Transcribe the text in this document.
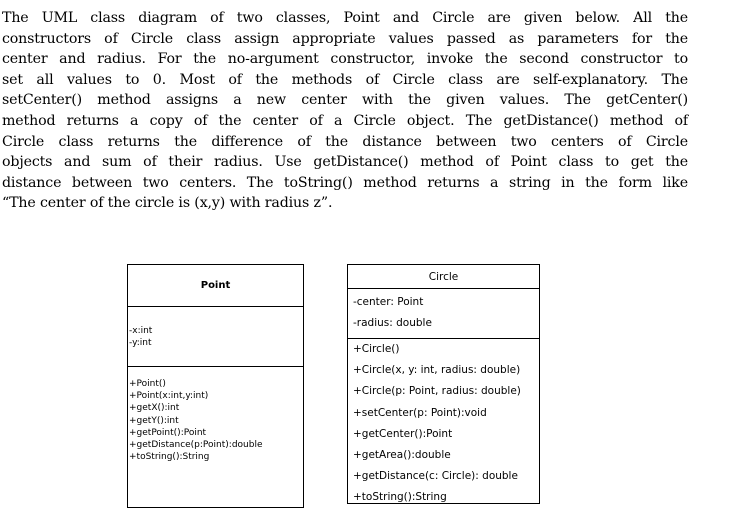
The UML class diagram of two classes, Point and Circle are given below. All the
constructors of Circle class assign appropriate values passed as parameters for the
center and radius. For the no-argument constructor, invoke the second constructor to
set all values to 0. Most of the methods of Circle class are self-explanatory. The
setCenter() method assigns a new center with the given values. The getCenter()
method returns a copy of the center of a Circle object. The getDistance() method of
Circle class returns the difference of the distance between two centers of Circle
objects and sum of their radius. Use getDistance() method of Point class to get the
distance between two centers. The toString() method returns a string in the form like
“The center of the circle is (x,y) with radius z”.

Point
-x:int
-y:int
+Point()
+Point(x:int,y:int)
+getX():int
+getY():int
+getPoint():Point
+getDistance(p:Point):double
+toString():String
Circle
-center: Point
-radius: double
+Circle()
+Circle(x, y: int, radius: double)
+Circle(p: Point, radius: double)
+setCenter(p: Point):void
+getCenter():Point
+getArea():double
+getDistance(c: Circle): double
+toString():String
